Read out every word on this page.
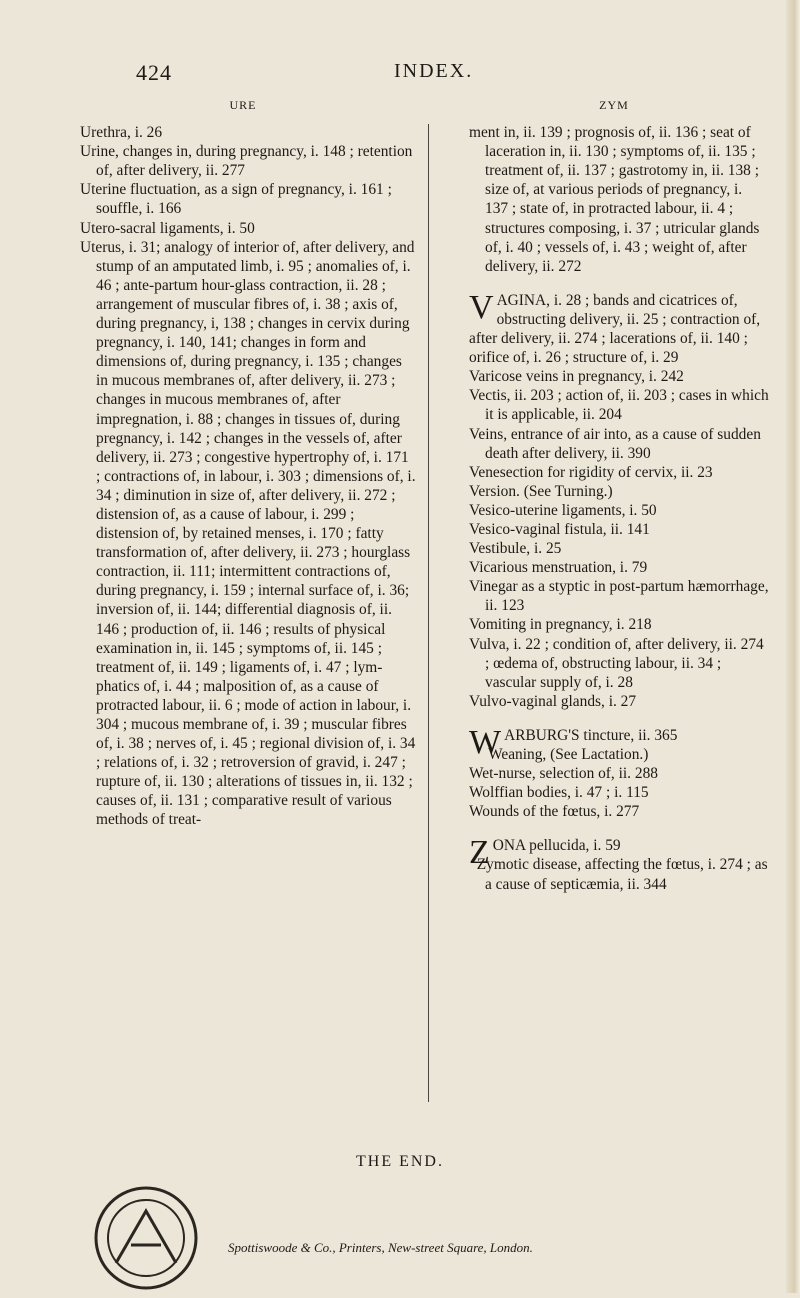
424	INDEX.
URE

Urethra, i. 26

Urine, changes in, during pregnancy, i. 148 ; retention of, after delivery, ii. 277

Uterine fluctuation, as a sign of pregnancy, i. 161 ; souffle, i. 166

Utero-sacral ligaments, i. 50

Uterus, i. 31; analogy of interior of, after delivery, and stump of an amputated limb, i. 95 ; anomalies of, i. 46 ; ante-partum hour-glass contraction, ii. 28 ; arrangement of muscular fibres of, i. 38 ; axis of, during pregnancy, i, 138 ; changes in cervix during pregnancy, i. 140, 141; changes in form and dimensions of, during pregnancy, i. 135 ; changes in mucous membranes of, after delivery, ii. 273 ; changes in mucous membranes of, after impregnation, i. 88 ; changes in tissues of, during pregnancy, i. 142 ; changes in the vessels of, after delivery, ii. 273 ; congestive hypertrophy of, i. 171 ; contractions of, in labour, i. 303 ; dimensions of, i. 34 ; diminution in size of, after delivery, ii. 272 ; distension of, as a cause of labour, i. 299 ; distension of, by retained menses, i. 170 ; fatty transformation of, after delivery, ii. 273 ; hourglass contraction, ii. 111; intermittent contractions of, during pregnancy, i. 159 ; internal surface of, i. 36; inversion of, ii. 144; differential diagnosis of, ii. 146 ; production of, ii. 146 ; results of physical examination in, ii. 145 ; symptoms of, ii. 145 ; treatment of, ii. 149 ; ligaments of, i. 47 ; lymphatics of, i. 44 ; malposition of, as a cause of protracted labour, ii. 6 ; mode of action in labour, i. 304 ; mucous membrane of, i. 39 ; muscular fibres of, i. 38 ; nerves of, i. 45 ; regional division of, i. 34 ; relations of, i. 32 ; retroversion of gravid, i. 247 ; rupture of, ii. 130 ; alterations of tissues in, ii. 132 ; causes of, ii. 131 ; comparative result of various methods of treat-

ZYM

ment in, ii. 139 ; prognosis of, ii. 136 ; seat of laceration in, ii. 130 ; symptoms of, ii. 135 ; treatment of, ii. 137 ; gastrotomy in, ii. 138 ; size of, at various periods of pregnancy, i. 137 ; state of, in protracted labour, ii. 4 ; structures composing, i. 37 ; utricular glands of, i. 40 ; vessels of, i. 43 ; weight of, after delivery, ii. 272

VAGINA, i. 28 ; bands and cicatrices of, obstructing delivery, ii. 25 ; contraction of, after delivery, ii. 274 ; lacerations of, ii. 140 ; orifice of, i. 26 ; structure of, i. 29

Varicose veins in pregnancy, i. 242

Vectis, ii. 203 ; action of, ii. 203 ; cases in which it is applicable, ii. 204

Veins, entrance of air into, as a cause of sudden death after delivery, ii. 390

Venesection for rigidity of cervix, ii. 23

Version. (See Turning.)

Vesico-uterine ligaments, i. 50

Vesico-vaginal fistula, ii. 141

Vestibule, i. 25

Vicarious menstruation, i. 79

Vinegar as a styptic in post-partum hæmorrhage, ii. 123

Vomiting in pregnancy, i. 218

Vulva, i. 22 ; condition of, after delivery, ii. 274 ; œdema of, obstructing labour, ii. 34 ; vascular supply of, i. 28

Vulvo-vaginal glands, i. 27

WARBURG'S tincture, ii. 365

Weaning, (See Lactation.)

Wet-nurse, selection of, ii. 288

Wolffian bodies, i. 47 ; i. 115

Wounds of the fœtus, i. 277

ZONA pellucida, i. 59

Zymotic disease, affecting the fœtus, i. 274 ; as a cause of septicæmia, ii. 344

THE END.
Spottiswoode & Co., Printers, New-street Square, London.
